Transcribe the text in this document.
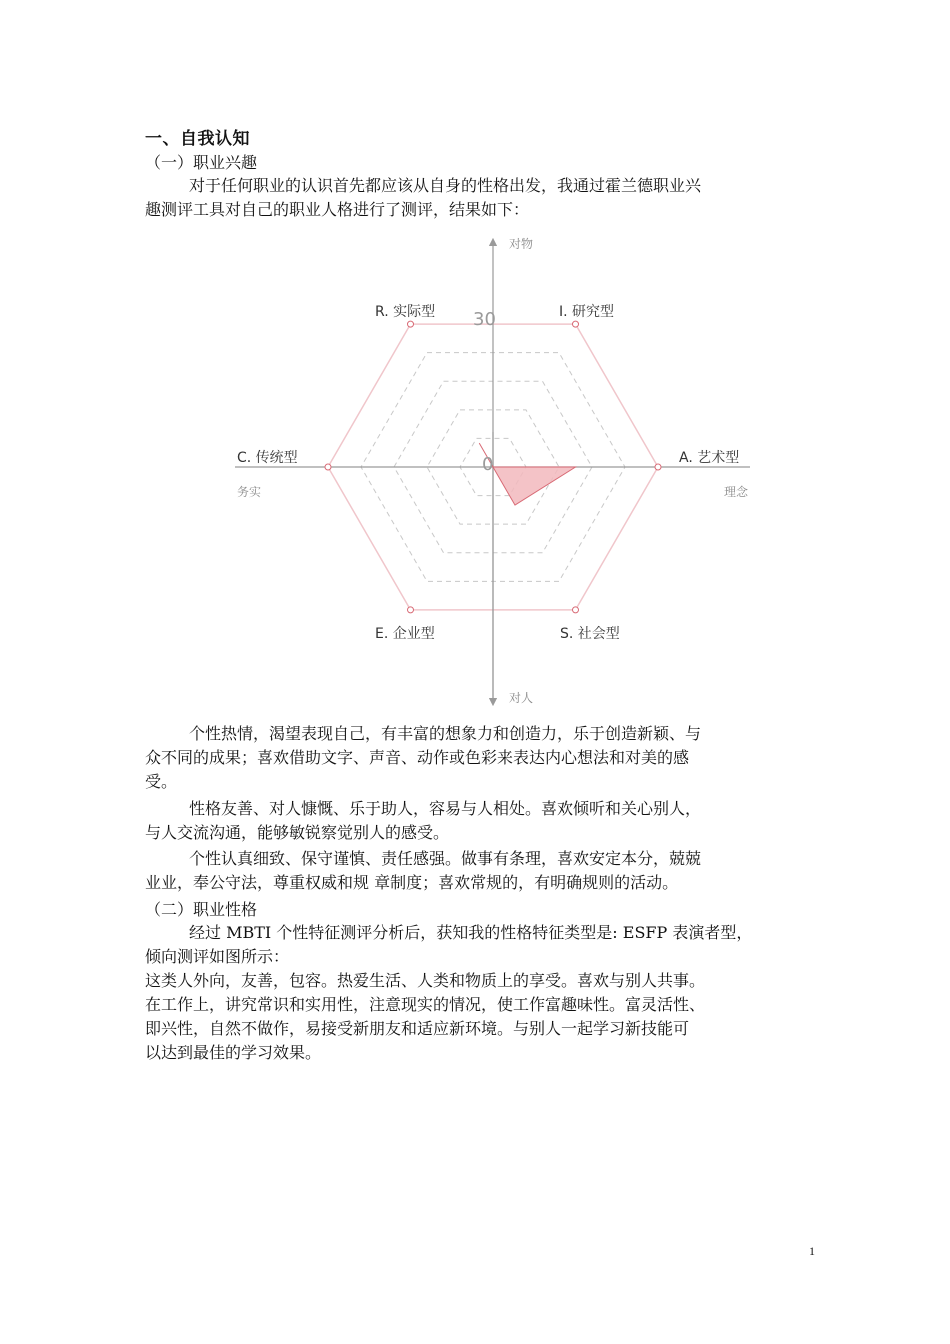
一、自我认知
（一）职业兴趣
对于任何职业的认识首先都应该从自身的性格出发，我通过霍兰德职业兴
趣测评工具对自己的职业人格进行了测评，结果如下：
对物
对人
务实	理念
30
0
R. 实际型	I. 研究型
A. 艺术型
S. 社会型
E. 企业型
C. 传统型
个性热情，渴望表现自己，有丰富的想象力和创造力，乐于创造新颖、与
众不同的成果；喜欢借助文字、声音、动作或色彩来表达内心想法和对美的感
受。
性格友善、对人慷慨、乐于助人，容易与人相处。喜欢倾听和关心别人，
与人交流沟通，能够敏锐察觉别人的感受。
个性认真细致、保守谨慎、责任感强。做事有条理，喜欢安定本分，兢兢
业业，奉公守法，尊重权威和规 章制度；喜欢常规的，有明确规则的活动。
（二）职业性格
经过 MBTI 个性特征测评分析后，获知我的性格特征类型是: ESFP 表演者型，
倾向测评如图所示：
这类人外向，友善，包容。热爱生活、人类和物质上的享受。喜欢与别人共事。
在工作上，讲究常识和实用性，注意现实的情况，使工作富趣味性。富灵活性、
即兴性，自然不做作，易接受新朋友和适应新环境。与别人一起学习新技能可
以达到最佳的学习效果。
1
